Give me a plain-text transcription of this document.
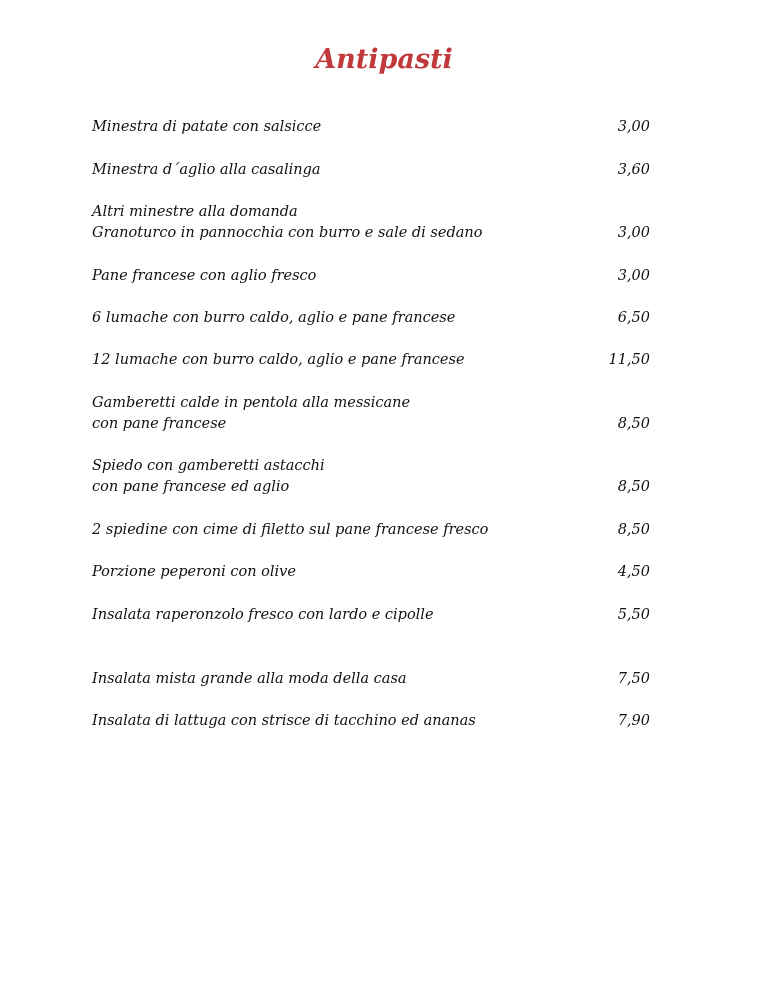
Antipasti
Minestra di patate con salsicce	3,00
Minestra d´aglio alla casalinga	3,60
Altri minestre alla domanda
Granoturco in pannocchia con burro e sale di sedano	3,00
Pane francese con aglio fresco	3,00
6 lumache con burro caldo, aglio e pane francese	6,50
12 lumache con burro caldo, aglio e pane francese	11,50
Gamberetti calde in pentola alla messicane
con pane francese	8,50
Spiedo con gamberetti astacchi
con pane francese ed aglio	8,50
2 spiedine con cime di filetto sul pane francese fresco	8,50
Porzione peperoni con olive	4,50
Insalata raperonzolo fresco con lardo e cipolle	5,50
Insalata mista grande alla moda della casa	7,50
Insalata di lattuga con strisce di tacchino ed ananas	7,90
